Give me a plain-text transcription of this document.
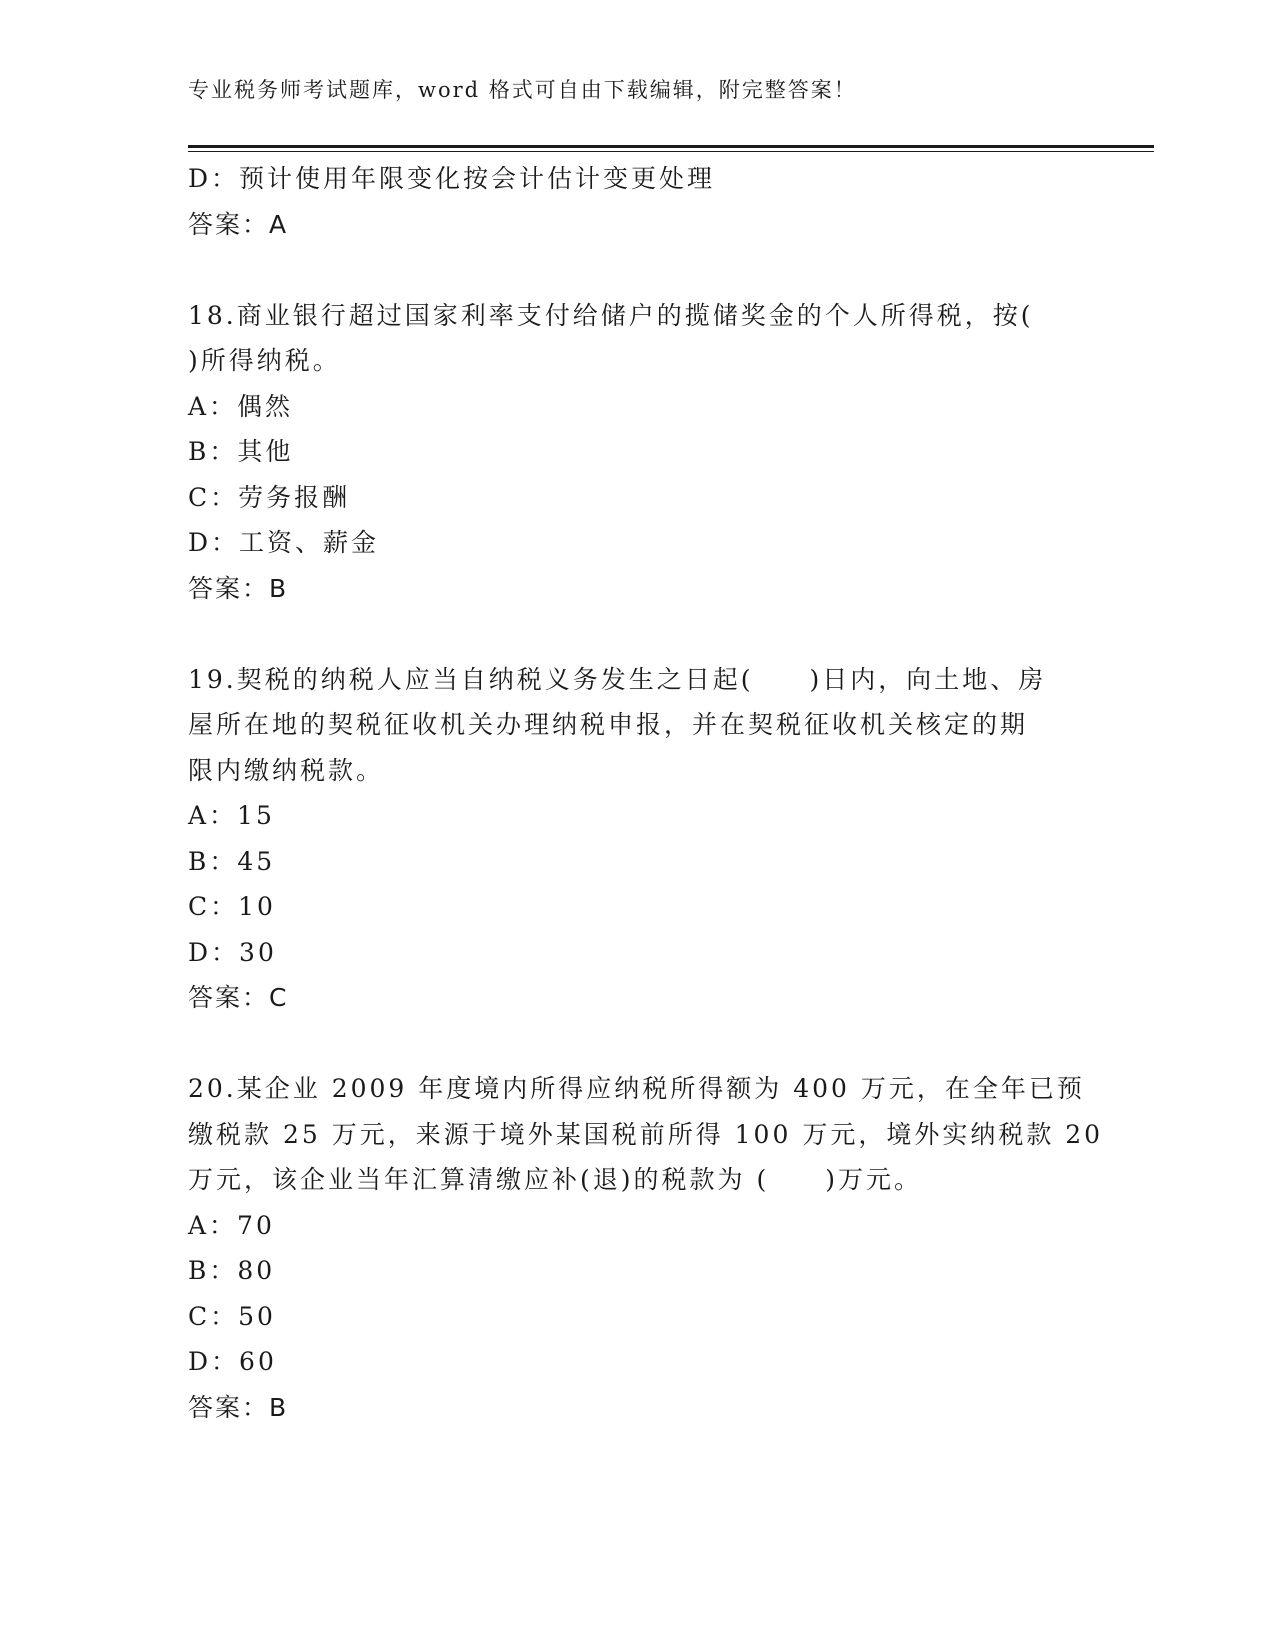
专业税务师考试题库，word 格式可自由下载编辑，附完整答案！
D：预计使用年限变化按会计估计变更处理
答案：A
18.商业银行超过国家利率支付给储户的揽储奖金的个人所得税，按(
)所得纳税。
A：偶然
B：其他
C：劳务报酬
D：工资、薪金
答案：B
19.契税的纳税人应当自纳税义务发生之日起(　　)日内，向土地、房
屋所在地的契税征收机关办理纳税申报，并在契税征收机关核定的期
限内缴纳税款。
A：15
B：45
C：10
D：30
答案：C
20.某企业 2009 年度境内所得应纳税所得额为 400 万元，在全年已预
缴税款 25 万元，来源于境外某国税前所得 100 万元，境外实纳税款 20
万元，该企业当年汇算清缴应补(退)的税款为 (　　)万元。
A：70
B：80
C：50
D：60
答案：B
